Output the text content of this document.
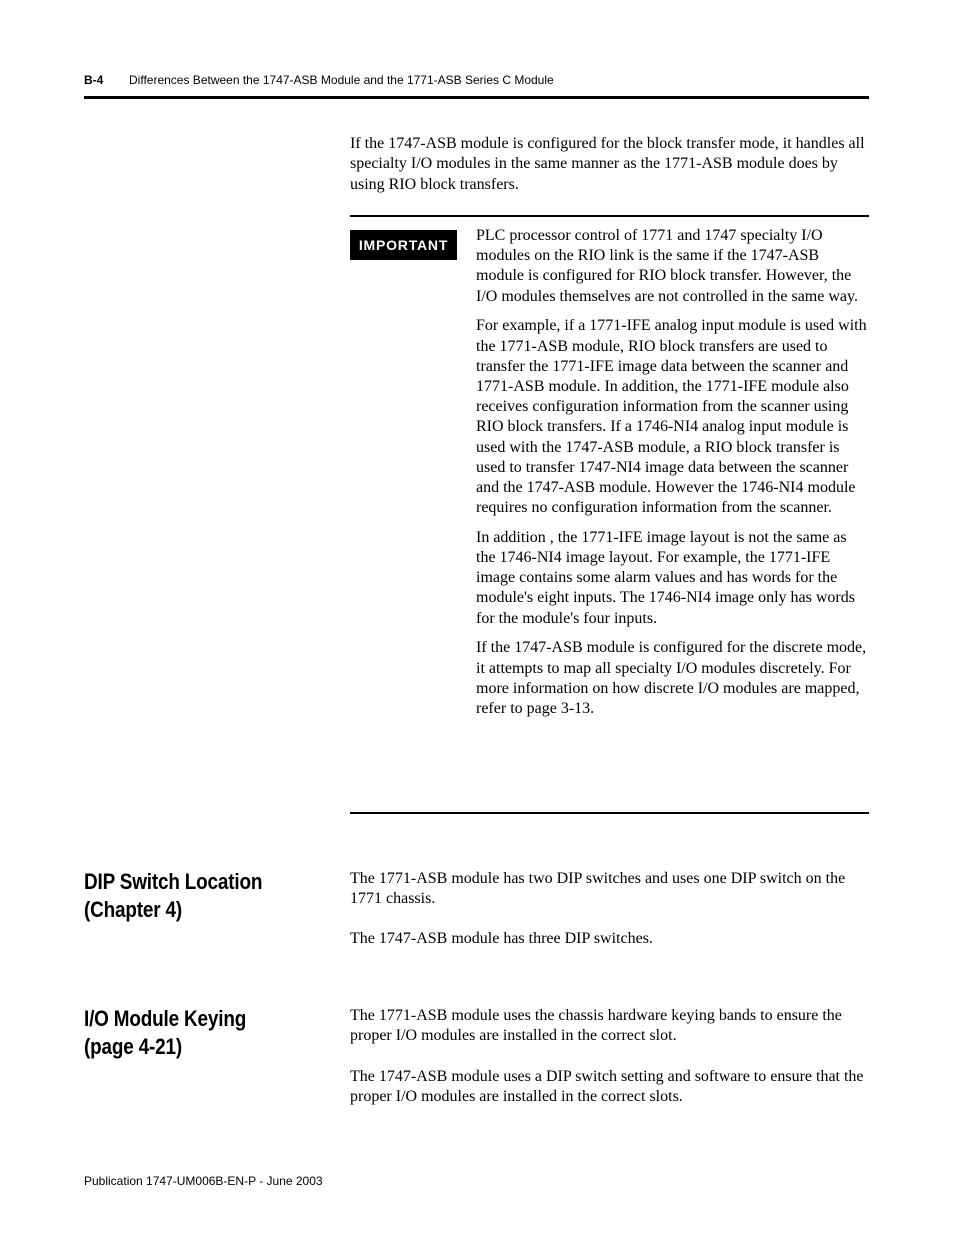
B-4 Differences Between the 1747-ASB Module and the 1771-ASB Series C Module

If the 1747-ASB module is configured for the block transfer mode, it handles all specialty I/O modules in the same manner as the 1771-ASB module does by using RIO block transfers.

IMPORTANT

PLC processor control of 1771 and 1747 specialty I/O modules on the RIO link is the same if the 1747-ASB module is configured for RIO block transfer. However, the I/O modules themselves are not controlled in the same way.

For example, if a 1771-IFE analog input module is used with the 1771-ASB module, RIO block transfers are used to transfer the 1771-IFE image data between the scanner and 1771-ASB module. In addition, the 1771-IFE module also receives configuration information from the scanner using RIO block transfers. If a 1746-NI4 analog input module is used with the 1747-ASB module, a RIO block transfer is used to transfer 1747-NI4 image data between the scanner and the 1747-ASB module. However the 1746-NI4 module requires no configuration information from the scanner.

In addition , the 1771-IFE image layout is not the same as the 1746-NI4 image layout. For example, the 1771-IFE image contains some alarm values and has words for the module's eight inputs. The 1746-NI4 image only has words for the module's four inputs.

If the 1747-ASB module is configured for the discrete mode, it attempts to map all specialty I/O modules discretely. For more information on how discrete I/O modules are mapped, refer to page 3-13.

DIP Switch Location
(Chapter 4)

The 1771-ASB module has two DIP switches and uses one DIP switch on the 1771 chassis.

The 1747-ASB module has three DIP switches.

I/O Module Keying
(page 4-21)

The 1771-ASB module uses the chassis hardware keying bands to ensure the proper I/O modules are installed in the correct slot.

The 1747-ASB module uses a DIP switch setting and software to ensure that the proper I/O modules are installed in the correct slots.

Publication 1747-UM006B-EN-P - June 2003
